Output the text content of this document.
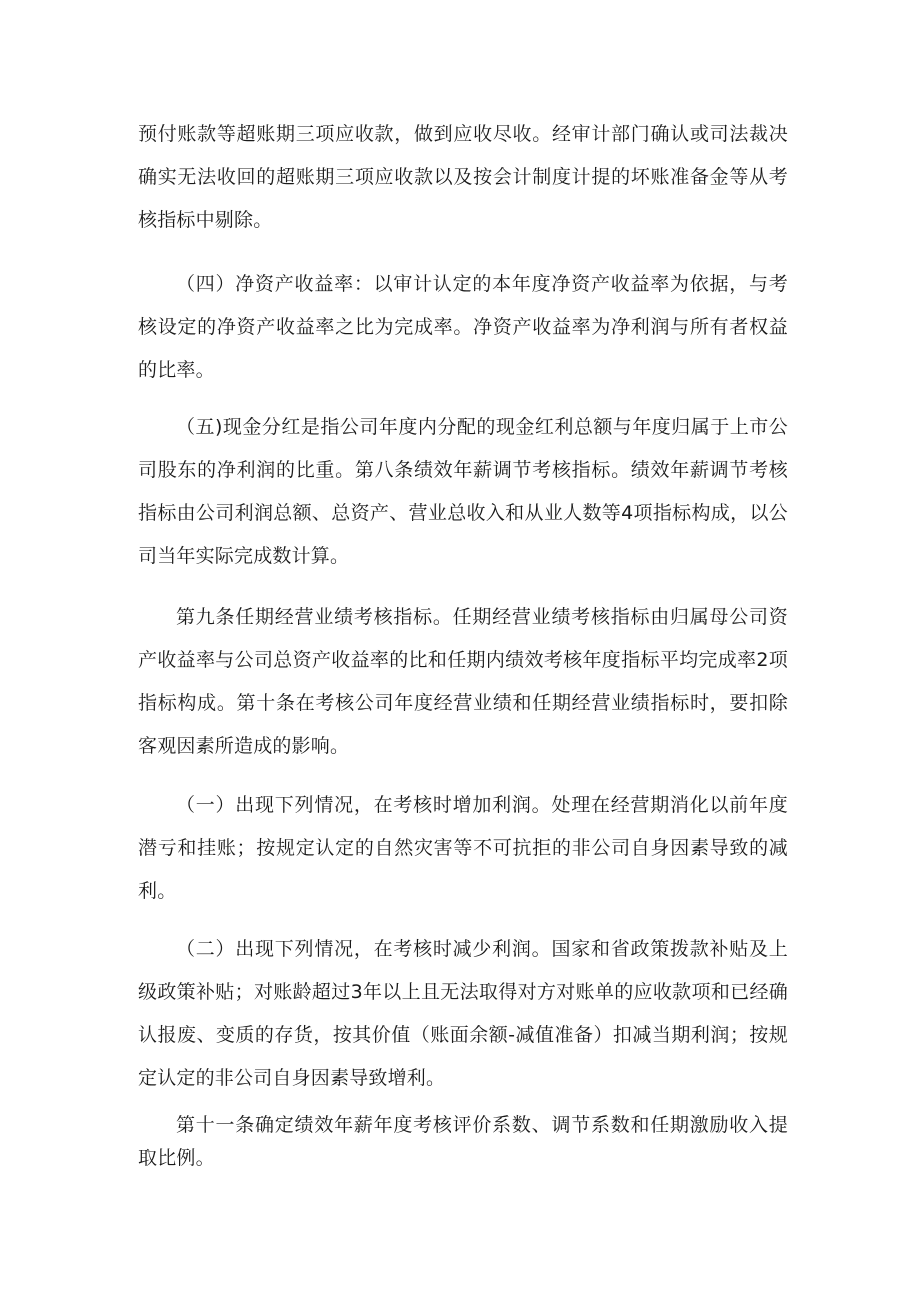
预付账款等超账期三项应收款，做到应收尽收。经审计部门确认或司法裁决确实无法收回的超账期三项应收款以及按会计制度计提的坏账准备金等从考核指标中剔除。

（四）净资产收益率：以审计认定的本年度净资产收益率为依据，与考核设定的净资产收益率之比为完成率。净资产收益率为净利润与所有者权益的比率。

（五)现金分红是指公司年度内分配的现金红利总额与年度归属于上市公司股东的净利润的比重。第八条绩效年薪调节考核指标。绩效年薪调节考核指标由公司利润总额、总资产、营业总收入和从业人数等4项指标构成，以公司当年实际完成数计算。

第九条任期经营业绩考核指标。任期经营业绩考核指标由归属母公司资产收益率与公司总资产收益率的比和任期内绩效考核年度指标平均完成率2项指标构成。第十条在考核公司年度经营业绩和任期经营业绩指标时，要扣除客观因素所造成的影响。

（一）出现下列情况，在考核时增加利润。处理在经营期消化以前年度潜亏和挂账；按规定认定的自然灾害等不可抗拒的非公司自身因素导致的减利。

（二）出现下列情况，在考核时减少利润。国家和省政策拨款补贴及上级政策补贴；对账龄超过3年以上且无法取得对方对账单的应收款项和已经确认报废、变质的存货，按其价值（账面余额-减值准备）扣减当期利润；按规定认定的非公司自身因素导致增利。

第十一条确定绩效年薪年度考核评价系数、调节系数和任期激励收入提取比例。
